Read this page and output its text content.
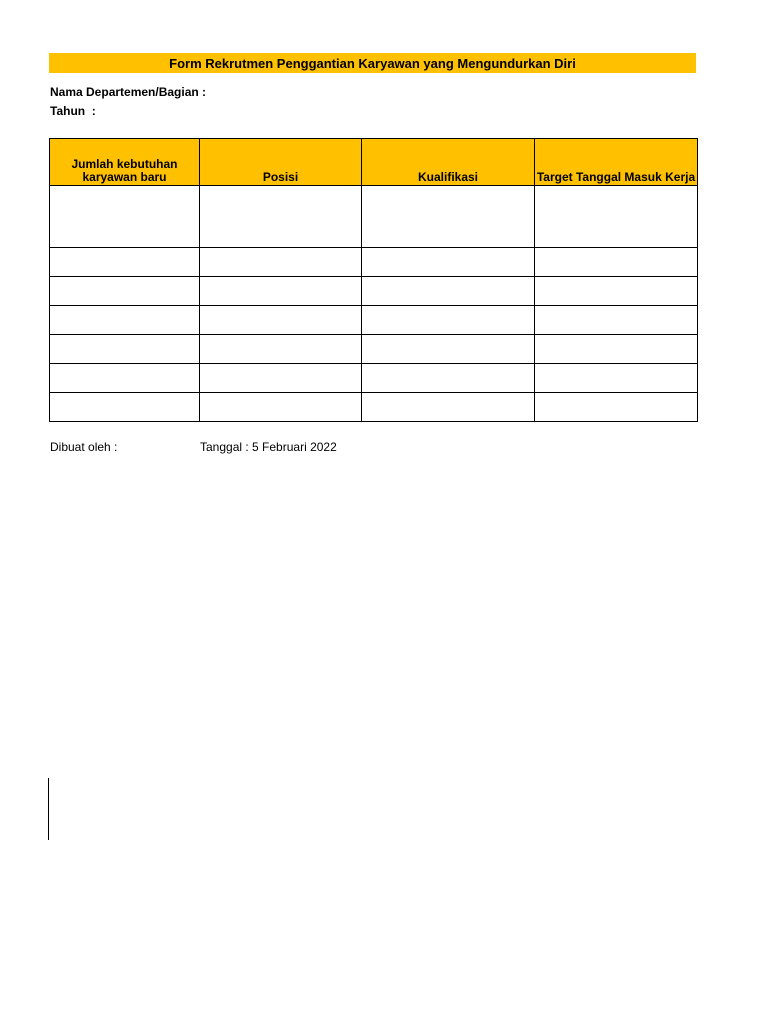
Form Rekrutmen Penggantian Karyawan yang Mengundurkan Diri
Nama Departemen/Bagian :
Tahun  :
Jumlah kebutuhan
karyawan baru	Posisi	Kualifikasi	Target Tanggal Masuk Kerja

Dibuat oleh :	Tanggal : 5 Februari 2022
